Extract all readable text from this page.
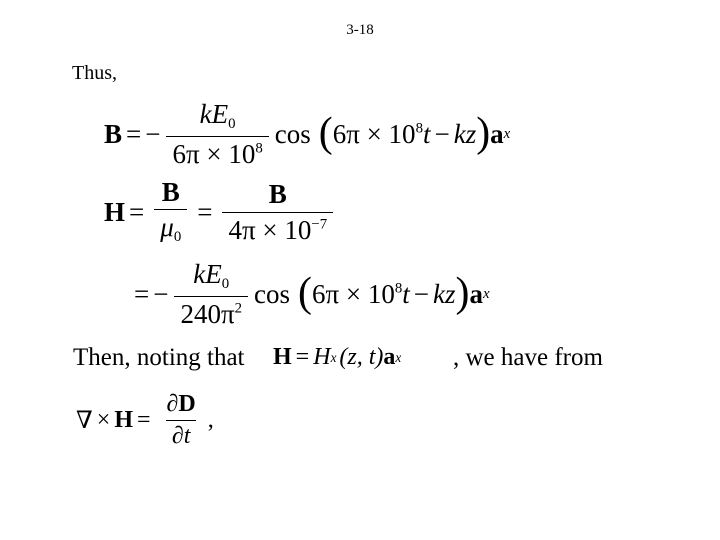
3-18
Thus,
B = − $\frac{kE_0}{6\pi \times 10^8}$ cos ( $6\pi \times 10^8t$ − kz ) a x
$H = \frac{B}{\mu_0} = \frac{B}{4\pi \times 10^{-7}}$
= − $\frac{kE_0}{240\pi^2}$ cos ( $6\pi \times 10^8t$ − kz ) a x
Then, noting that H = H x (z, t) a x , we have from
∇ × $H = \frac{\partial D}{\partial t}$ ,
